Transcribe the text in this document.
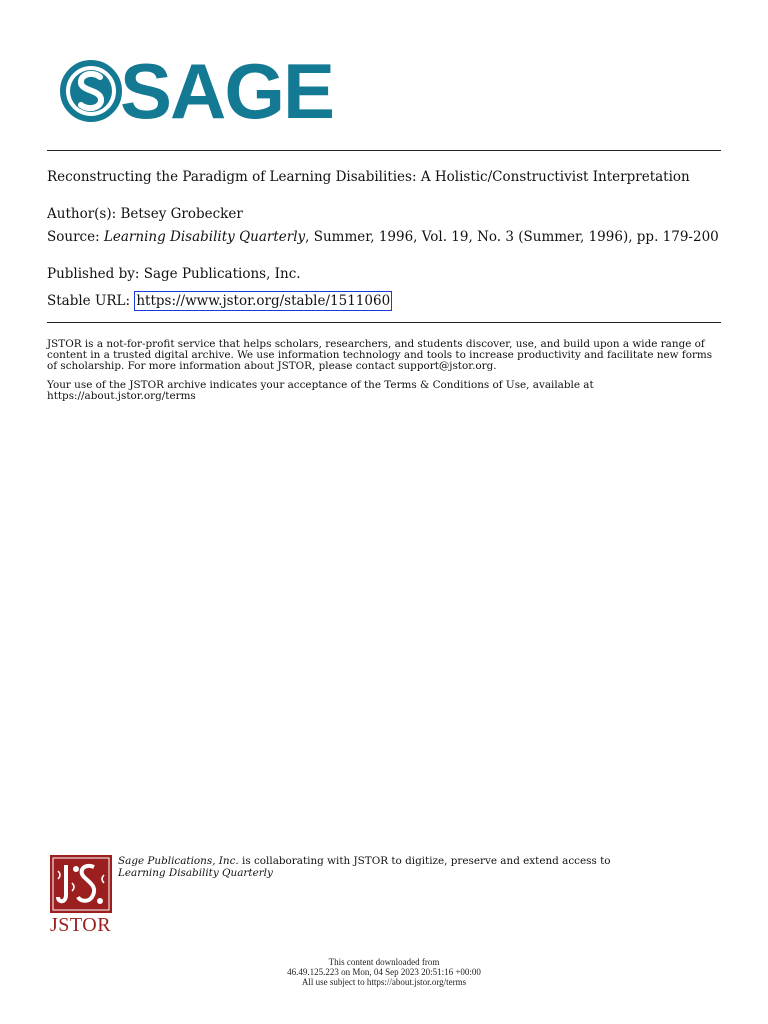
SAGE
Reconstructing the Paradigm of Learning Disabilities: A Holistic/Constructivist Interpretation
Author(s): Betsey Grobecker
Source: Learning Disability Quarterly, Summer, 1996, Vol. 19, No. 3 (Summer, 1996), pp. 179-200
Published by: Sage Publications, Inc.
Stable URL: https://www.jstor.org/stable/1511060
JSTOR is a not-for-profit service that helps scholars, researchers, and students discover, use, and build upon a wide range of content in a trusted digital archive. We use information technology and tools to increase productivity and facilitate new forms of scholarship. For more information about JSTOR, please contact support@jstor.org.
Your use of the JSTOR archive indicates your acceptance of the Terms & Conditions of Use, available at https://about.jstor.org/terms
JSTOR
Sage Publications, Inc. is collaborating with JSTOR to digitize, preserve and extend access to
Learning Disability Quarterly
This content downloaded from
46.49.125.223 on Mon, 04 Sep 2023 20:51:16 +00:00
All use subject to https://about.jstor.org/terms
